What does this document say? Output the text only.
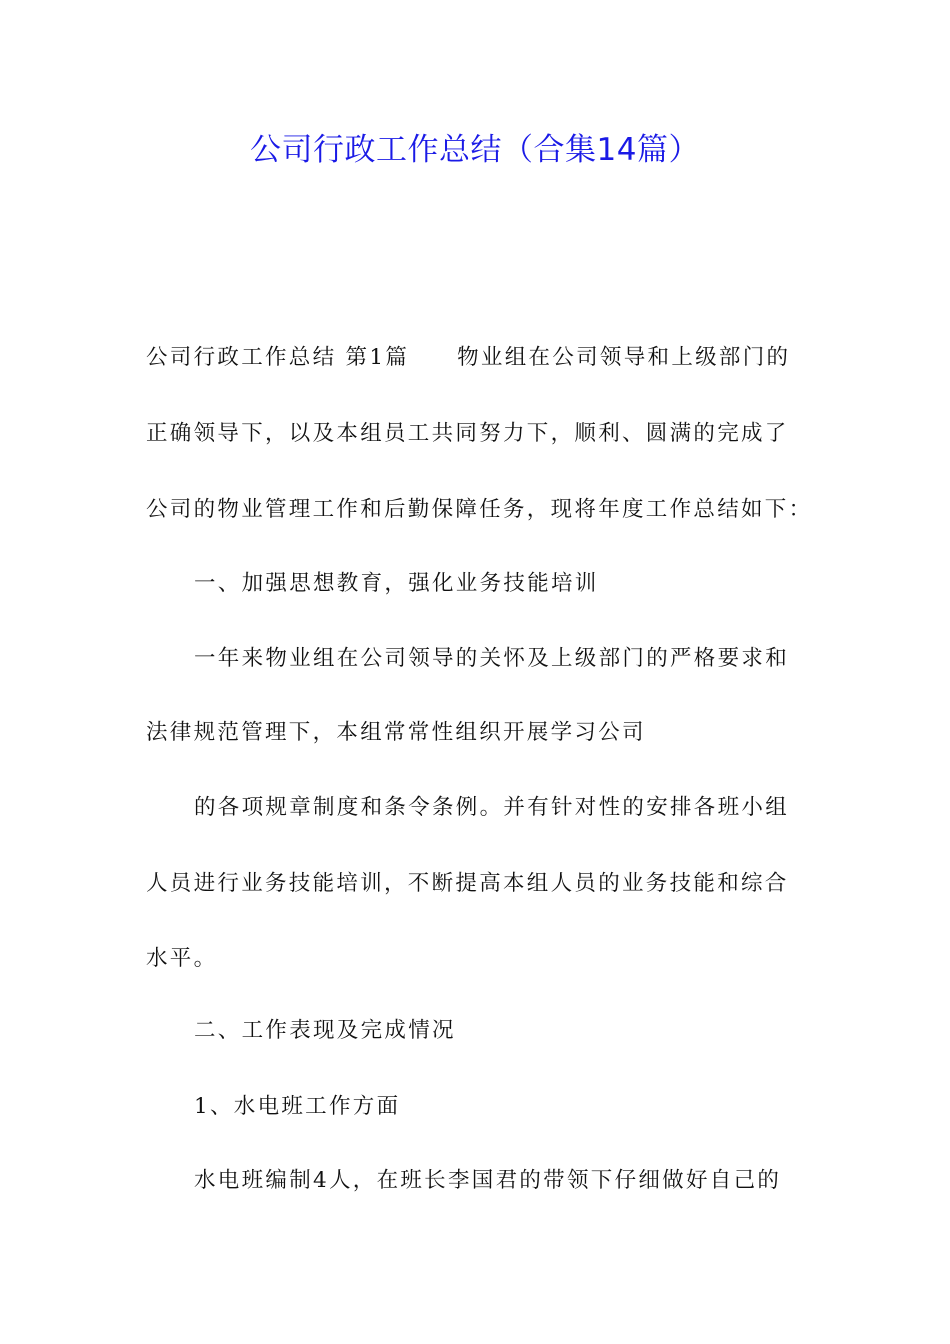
公司行政工作总结（合集14篇）
公司行政工作总结 第1篇 物业组在公司领导和上级部门的
正确领导下，以及本组员工共同努力下，顺利、圆满的完成了
公司的物业管理工作和后勤保障任务，现将年度工作总结如下：
一、加强思想教育，强化业务技能培训
一年来物业组在公司领导的关怀及上级部门的严格要求和
法律规范管理下，本组常常性组织开展学习公司
的各项规章制度和条令条例。并有针对性的安排各班小组
人员进行业务技能培训，不断提高本组人员的业务技能和综合
水平。
二、工作表现及完成情况
1、水电班工作方面
水电班编制4人，在班长李国君的带领下仔细做好自己的
